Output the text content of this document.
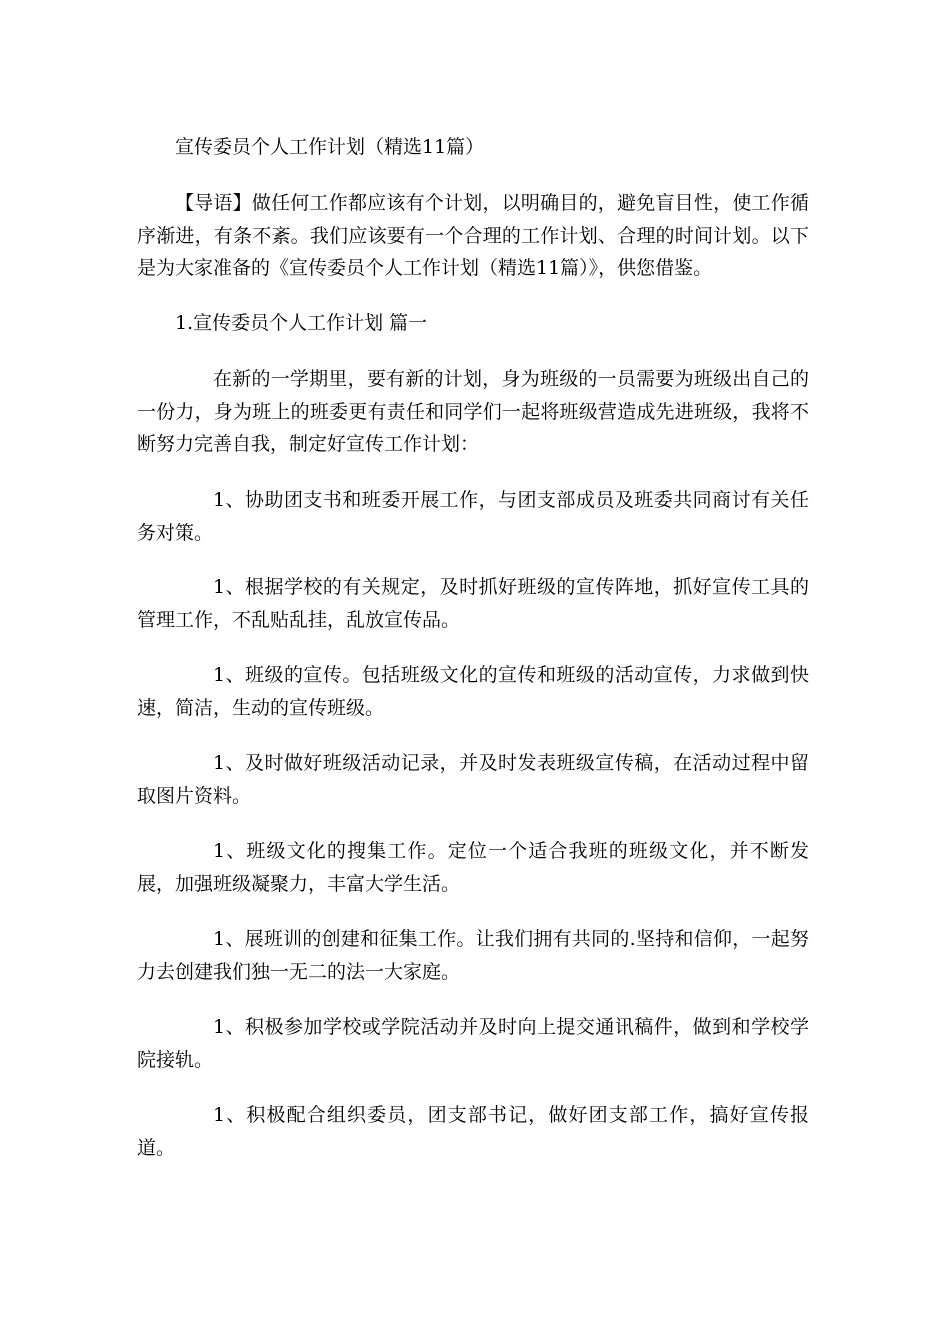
宣传委员个人工作计划（精选11篇）
【导语】做任何工作都应该有个计划，以明确目的，避免盲目性，使工作循序渐进，有条不紊。我们应该要有一个合理的工作计划、合理的时间计划。以下是为大家准备的《宣传委员个人工作计划（精选11篇）》，供您借鉴。
1.宣传委员个人工作计划 篇一
在新的一学期里，要有新的计划，身为班级的一员需要为班级出自己的一份力，身为班上的班委更有责任和同学们一起将班级营造成先进班级，我将不断努力完善自我，制定好宣传工作计划：
1、协助团支书和班委开展工作，与团支部成员及班委共同商讨有关任务对策。
1、根据学校的有关规定，及时抓好班级的宣传阵地，抓好宣传工具的管理工作，不乱贴乱挂，乱放宣传品。
1、班级的宣传。包括班级文化的宣传和班级的活动宣传，力求做到快速，简洁，生动的宣传班级。
1、及时做好班级活动记录，并及时发表班级宣传稿，在活动过程中留取图片资料。
1、班级文化的搜集工作。定位一个适合我班的班级文化，并不断发展，加强班级凝聚力，丰富大学生活。
1、展班训的创建和征集工作。让我们拥有共同的.坚持和信仰，一起努力去创建我们独一无二的法一大家庭。
1、积极参加学校或学院活动并及时向上提交通讯稿件，做到和学校学院接轨。
1、积极配合组织委员，团支部书记，做好团支部工作，搞好宣传报道。
